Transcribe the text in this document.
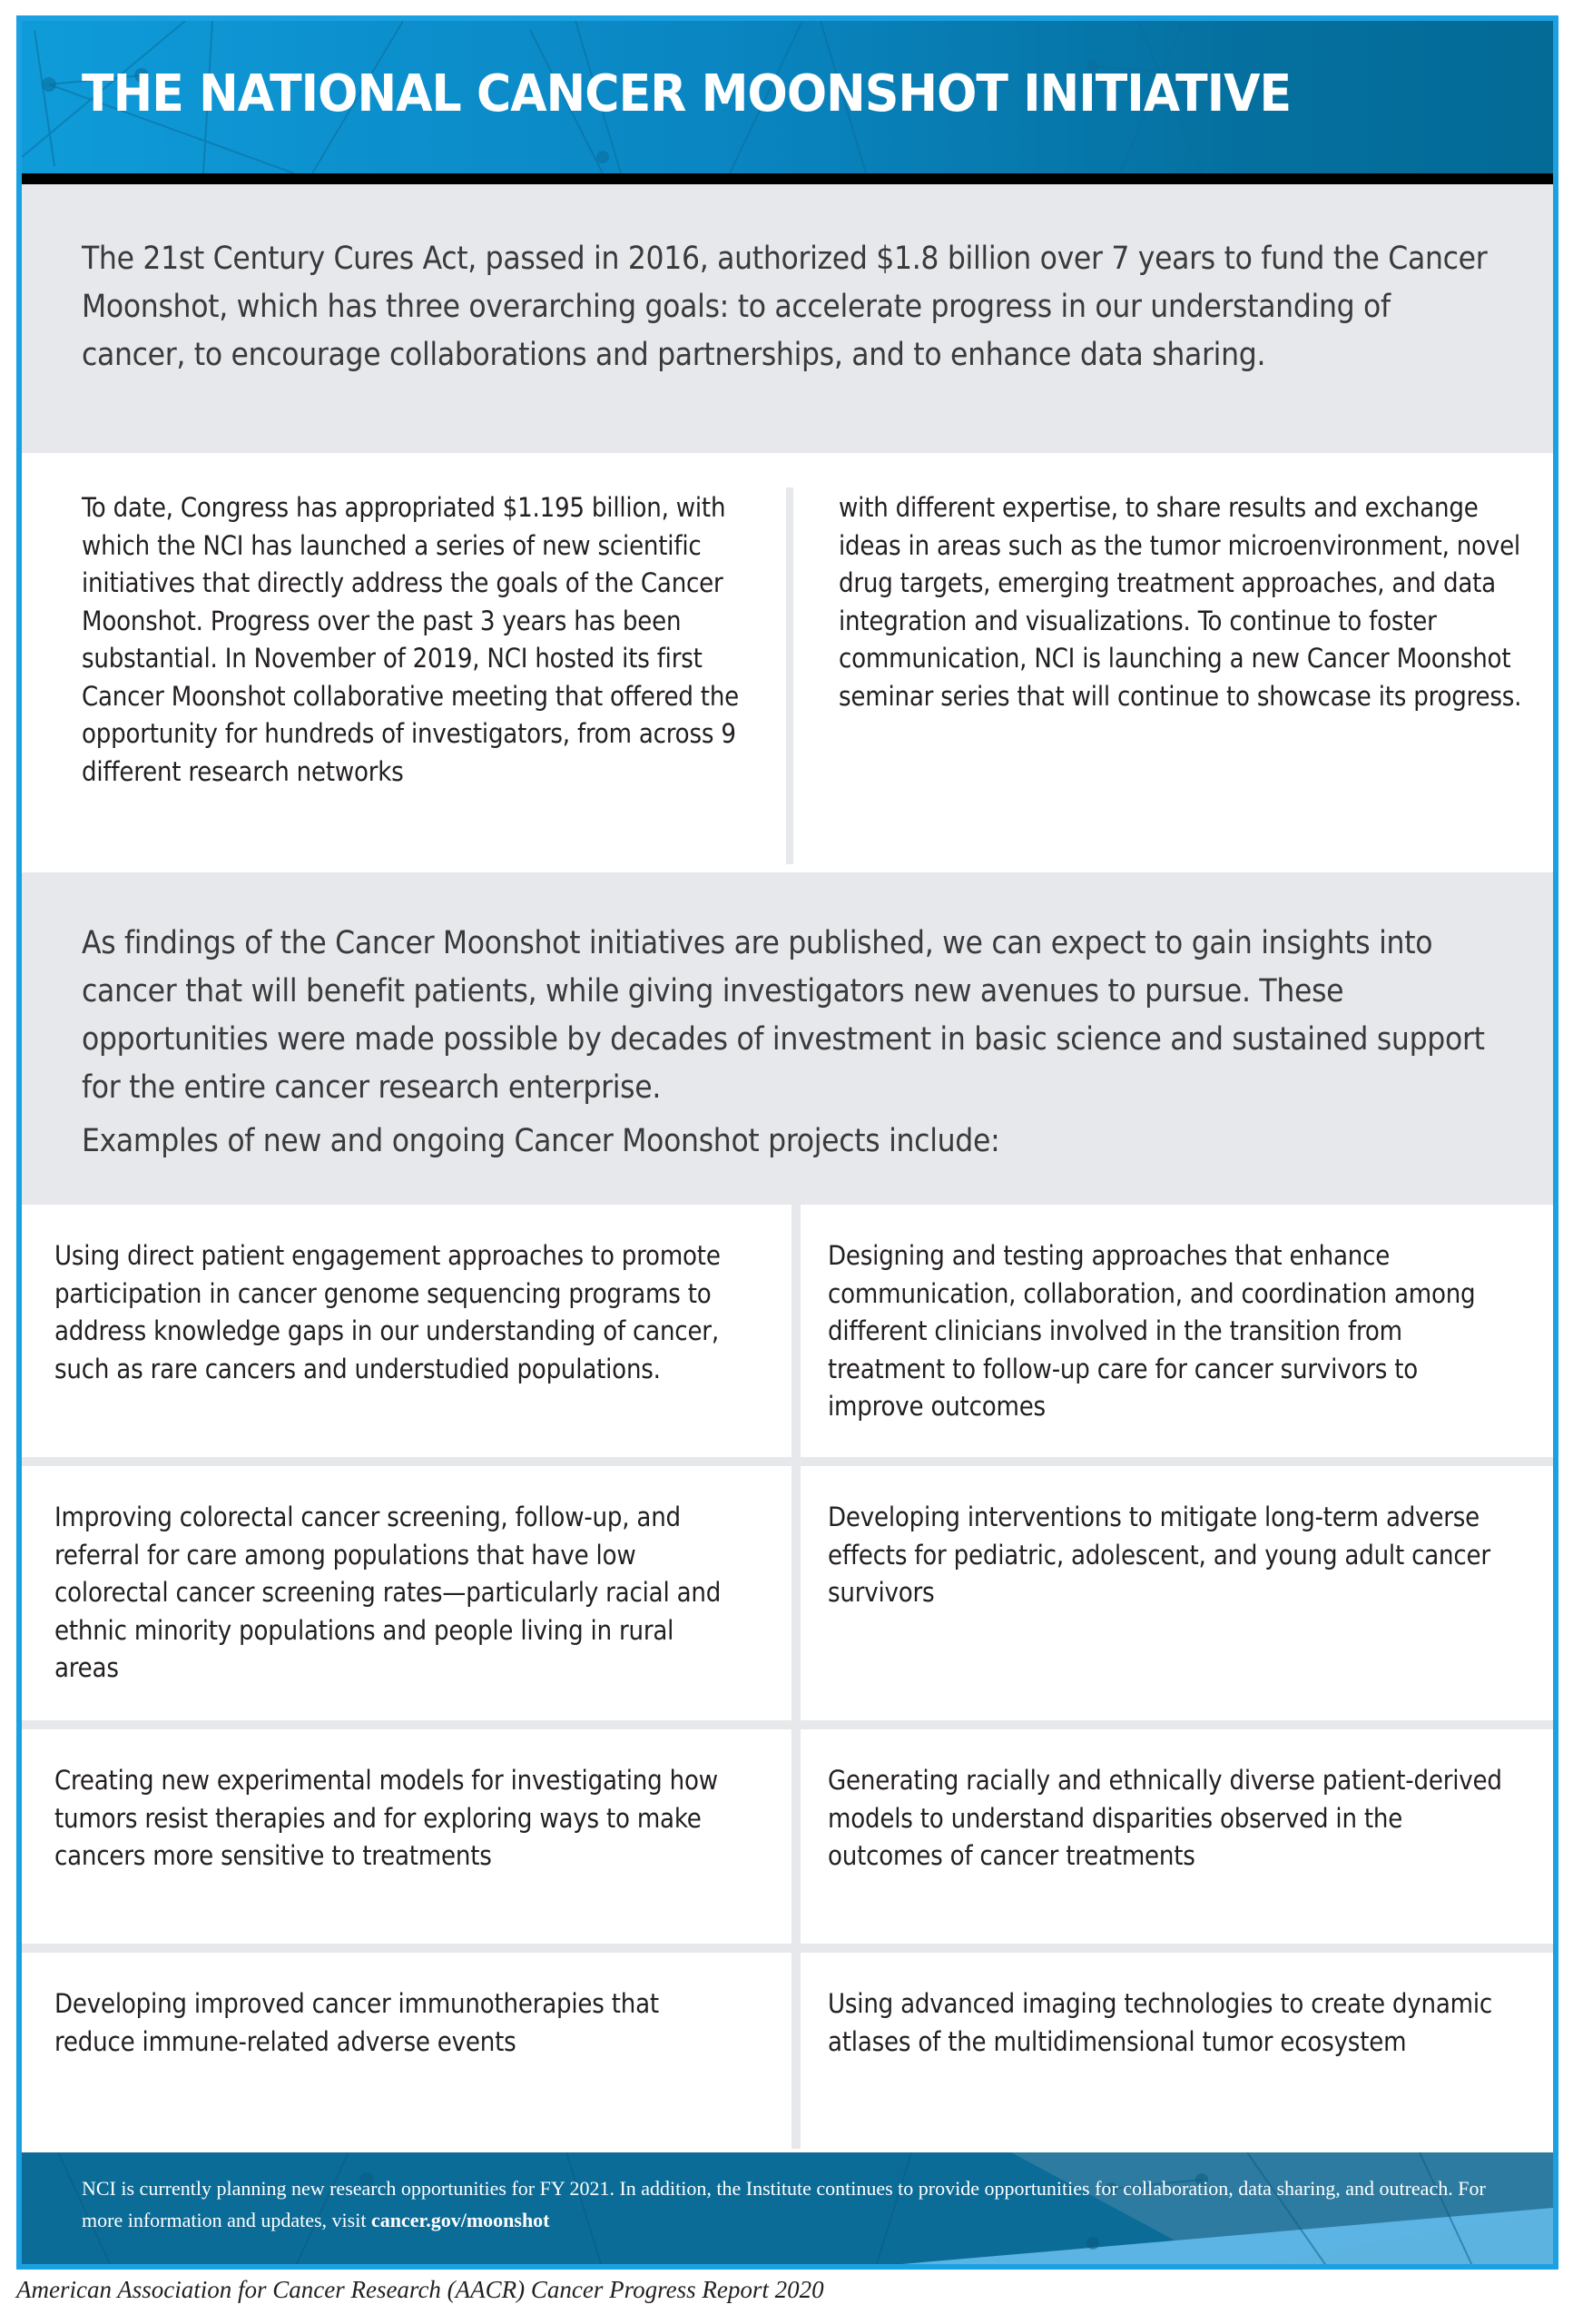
THE NATIONAL CANCER MOONSHOT INITIATIVE

The 21st Century Cures Act, passed in 2016, authorized $1.8 billion over 7 years to fund the Cancer Moonshot, which has three overarching goals: to accelerate progress in our understanding of cancer, to encourage collaborations and partnerships, and to enhance data sharing.

To date, Congress has appropriated $1.195 billion, with which the NCI has launched a series of new scientific initiatives that directly address the goals of the Cancer Moonshot. Progress over the past 3 years has been substantial. In November of 2019, NCI hosted its first Cancer Moonshot collaborative meeting that offered the opportunity for hundreds of investigators, from across 9 different research networks

with different expertise, to share results and exchange ideas in areas such as the tumor microenvironment, novel drug targets, emerging treatment approaches, and data integration and visualizations. To continue to foster communication, NCI is launching a new Cancer Moonshot seminar series that will continue to showcase its progress.

As findings of the Cancer Moonshot initiatives are published, we can expect to gain insights into cancer that will benefit patients, while giving investigators new avenues to pursue. These opportunities were made possible by decades of investment in basic science and sustained support for the entire cancer research enterprise.

Examples of new and ongoing Cancer Moonshot projects include:

Using direct patient engagement approaches to promote participation in cancer genome sequencing programs to address knowledge gaps in our understanding of cancer, such as rare cancers and understudied populations.

Designing and testing approaches that enhance communication, collaboration, and coordination among different clinicians involved in the transition from treatment to follow-up care for cancer survivors to improve outcomes

Improving colorectal cancer screening, follow-up, and referral for care among populations that have low colorectal cancer screening rates—particularly racial and ethnic minority populations and people living in rural areas

Developing interventions to mitigate long-term adverse effects for pediatric, adolescent, and young adult cancer survivors

Creating new experimental models for investigating how tumors resist therapies and for exploring ways to make cancers more sensitive to treatments

Generating racially and ethnically diverse patient-derived models to understand disparities observed in the outcomes of cancer treatments

Developing improved cancer immunotherapies that reduce immune-related adverse events

Using advanced imaging technologies to create dynamic atlases of the multidimensional tumor ecosystem

NCI is currently planning new research opportunities for FY 2021. In addition, the Institute continues to provide opportunities for collaboration, data sharing, and outreach. For more information and updates, visit cancer.gov/moonshot

American Association for Cancer Research (AACR) Cancer Progress Report 2020
